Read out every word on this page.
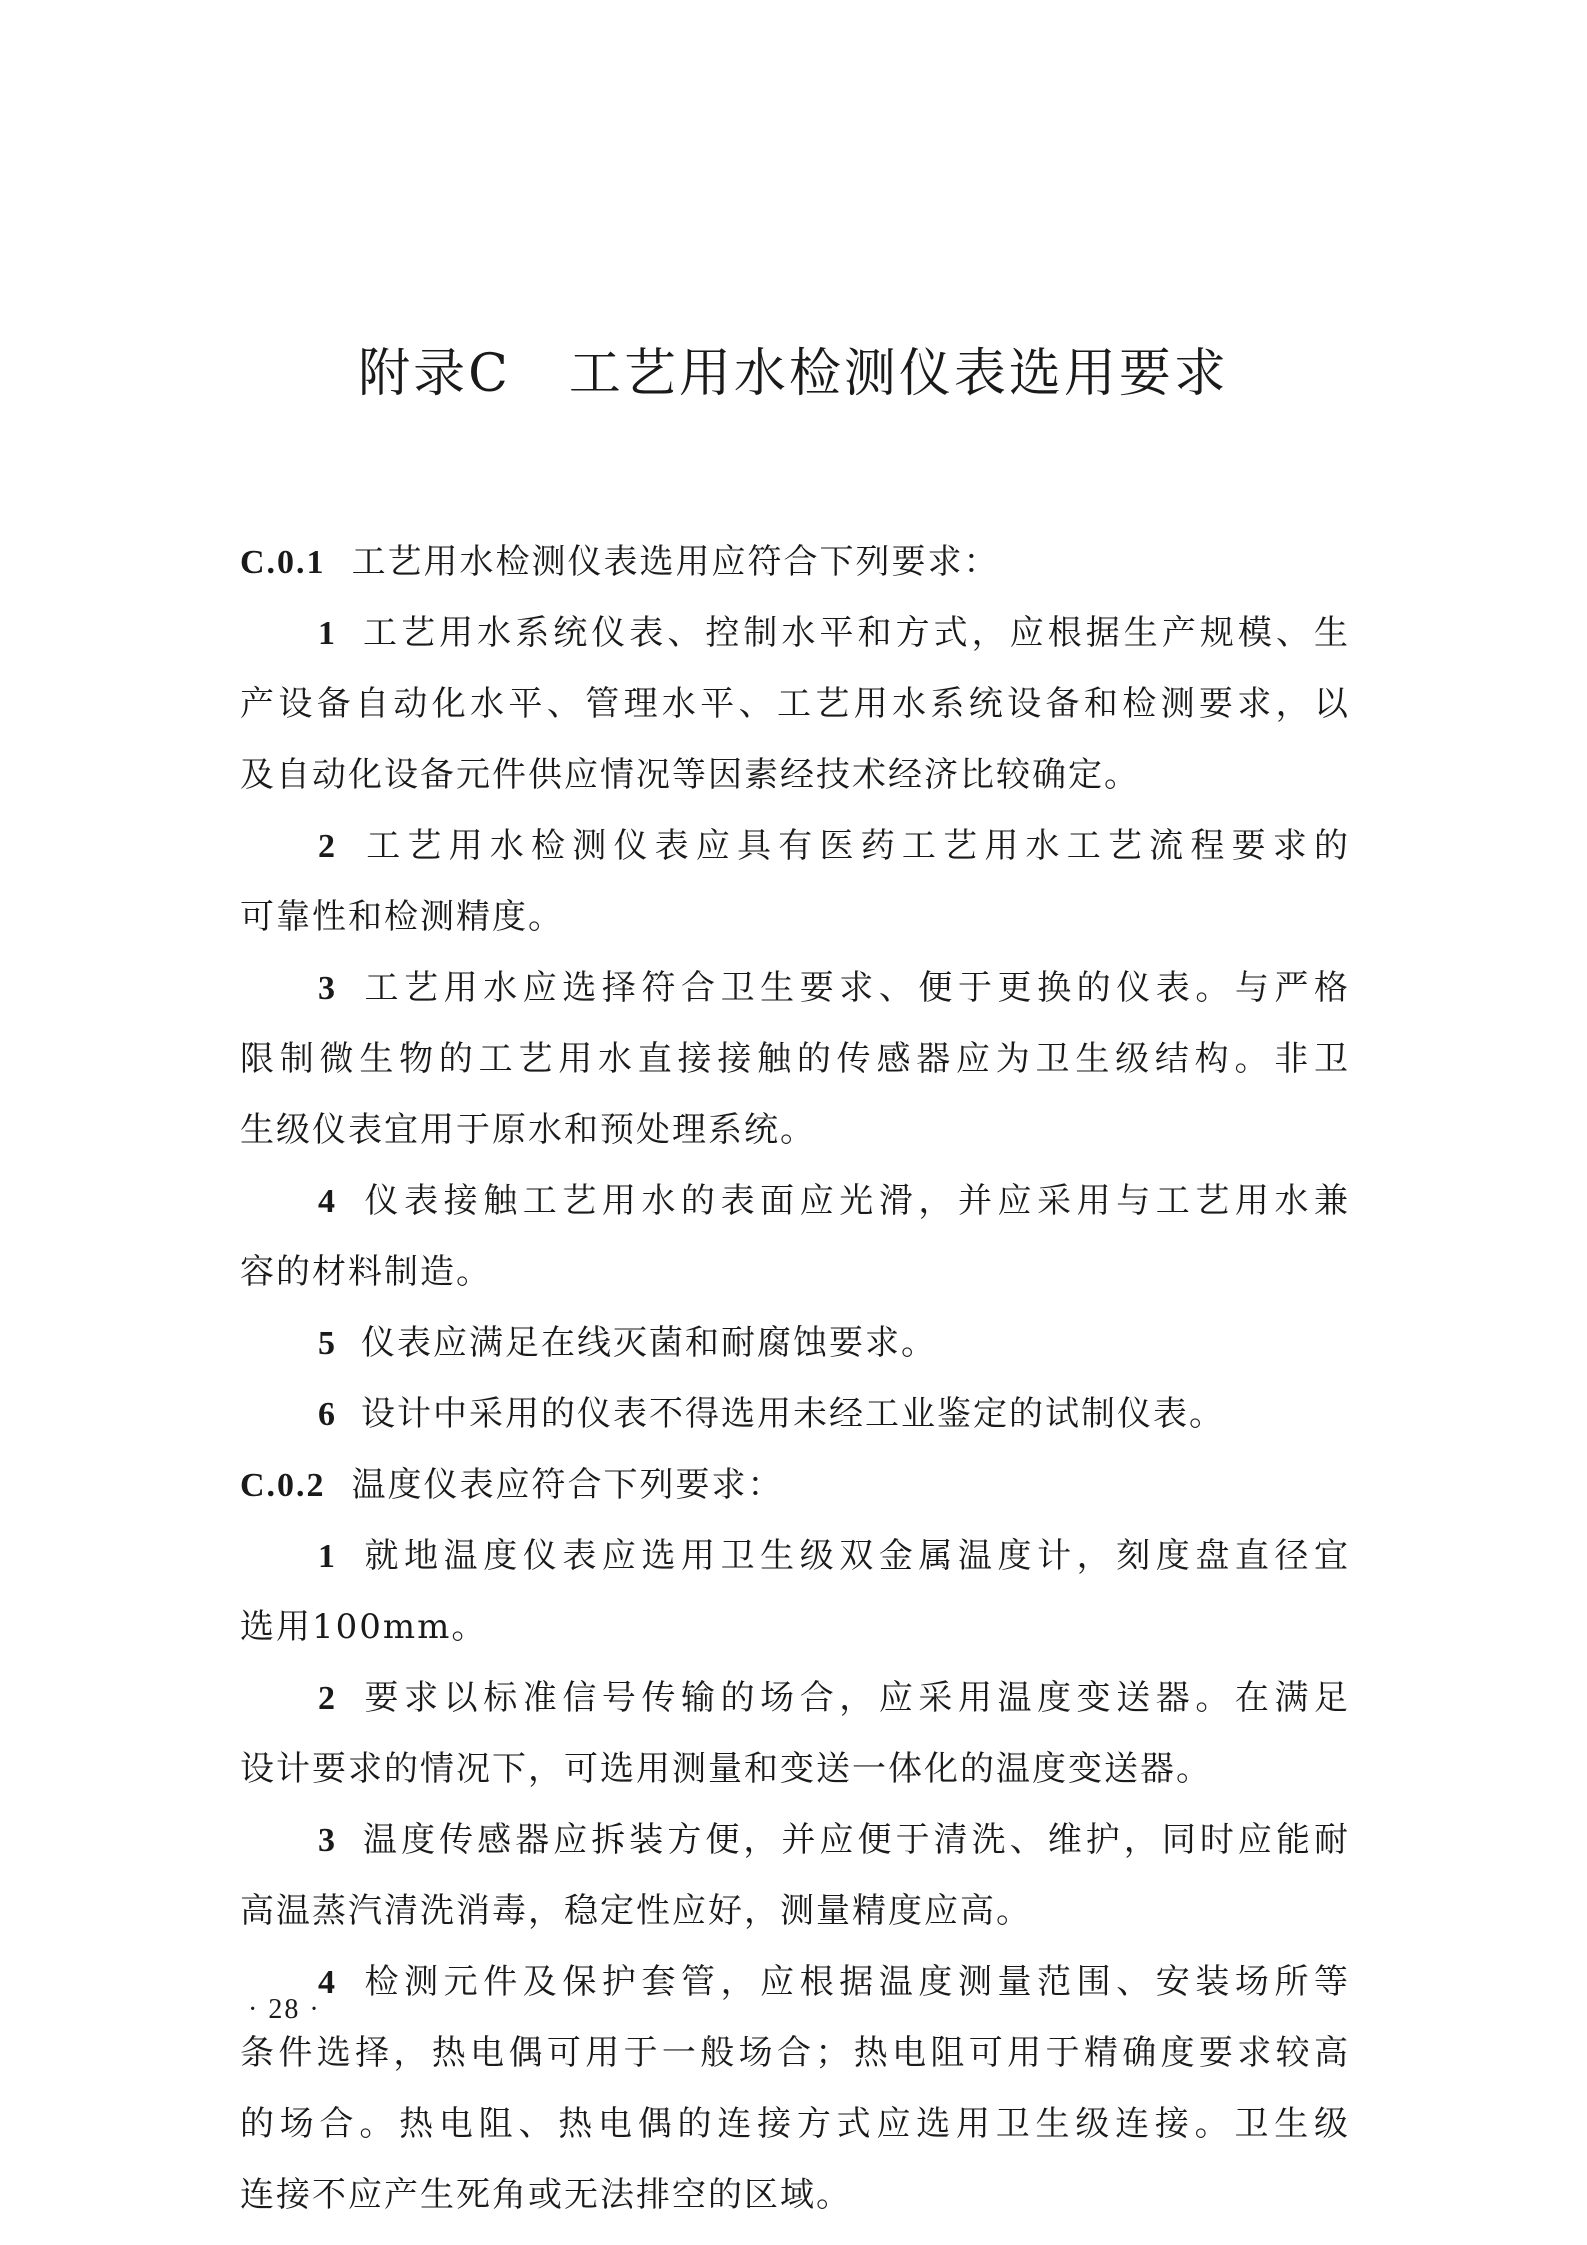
附录C 工艺用水检测仪表选用要求
C.0.1 工艺用水检测仪表选用应符合下列要求：
1 工艺用水系统仪表、控制水平和方式，应根据生产规模、生
产设备自动化水平、管理水平、工艺用水系统设备和检测要求，以
及自动化设备元件供应情况等因素经技术经济比较确定。
2 工艺用水检测仪表应具有医药工艺用水工艺流程要求的
可靠性和检测精度。
3 工艺用水应选择符合卫生要求、便于更换的仪表。与严格
限制微生物的工艺用水直接接触的传感器应为卫生级结构。非卫
生级仪表宜用于原水和预处理系统。
4 仪表接触工艺用水的表面应光滑，并应采用与工艺用水兼
容的材料制造。
5 仪表应满足在线灭菌和耐腐蚀要求。
6 设计中采用的仪表不得选用未经工业鉴定的试制仪表。
C.0.2 温度仪表应符合下列要求：
1 就地温度仪表应选用卫生级双金属温度计，刻度盘直径宜
选用100mm。
2 要求以标准信号传输的场合，应采用温度变送器。在满足
设计要求的情况下，可选用测量和变送一体化的温度变送器。
3 温度传感器应拆装方便，并应便于清洗、维护，同时应能耐
高温蒸汽清洗消毒，稳定性应好，测量精度应高。
4 检测元件及保护套管，应根据温度测量范围、安装场所等
条件选择，热电偶可用于一般场合；热电阻可用于精确度要求较高
的场合。热电阻、热电偶的连接方式应选用卫生级连接。卫生级
连接不应产生死角或无法排空的区域。
· 28 ·
